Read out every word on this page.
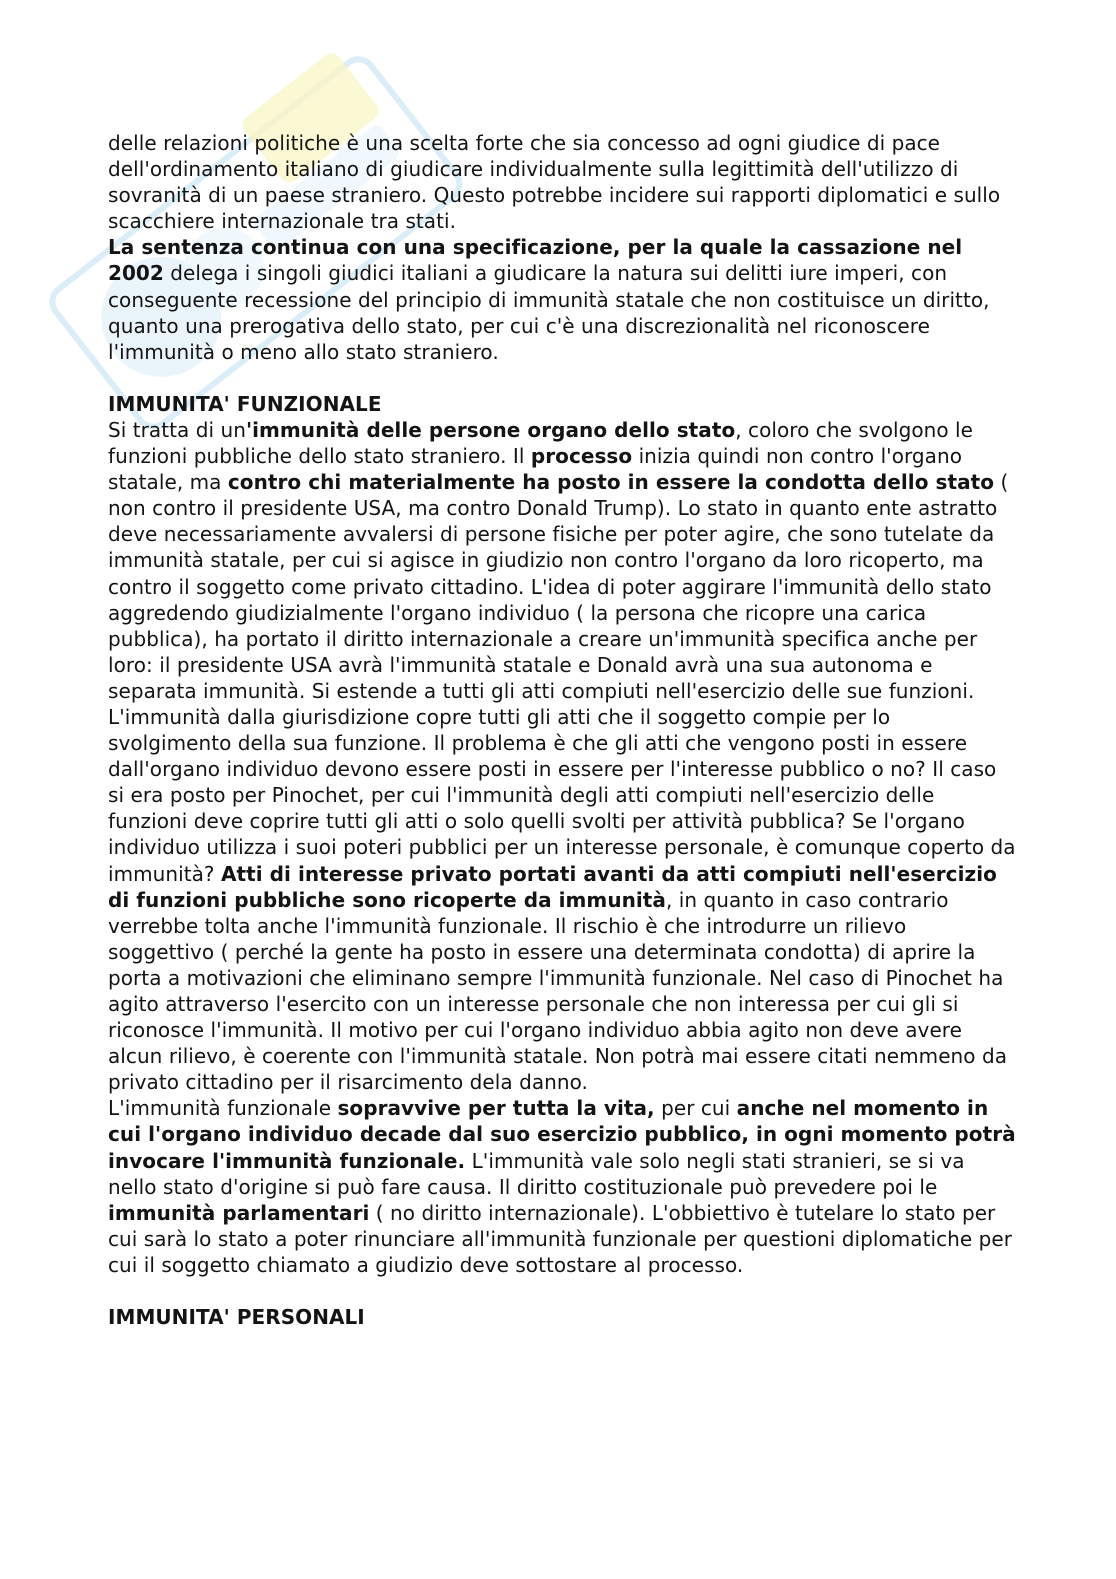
delle relazioni politiche è una scelta forte che sia concesso ad ogni giudice di pace dell'ordinamento italiano di giudicare individualmente sulla legittimità dell'utilizzo di sovranità di un paese straniero. Questo potrebbe incidere sui rapporti diplomatici e sullo scacchiere internazionale tra stati.

La sentenza continua con una specificazione, per la quale la cassazione nel 2002 delega i singoli giudici italiani a giudicare la natura sui delitti iure imperi, con conseguente recessione del principio di immunità statale che non costituisce un diritto, quanto una prerogativa dello stato, per cui c'è una discrezionalità nel riconoscere l'immunità o meno allo stato straniero.

IMMUNITA' FUNZIONALE

Si tratta di un'immunità delle persone organo dello stato, coloro che svolgono le funzioni pubbliche dello stato straniero. Il processo inizia quindi non contro l'organo statale, ma contro chi materialmente ha posto in essere la condotta dello stato ( non contro il presidente USA, ma contro Donald Trump). Lo stato in quanto ente astratto deve necessariamente avvalersi di persone fisiche per poter agire, che sono tutelate da immunità statale, per cui si agisce in giudizio non contro l'organo da loro ricoperto, ma contro il soggetto come privato cittadino. L'idea di poter aggirare l'immunità dello stato aggredendo giudizialmente l'organo individuo ( la persona che ricopre una carica pubblica), ha portato il diritto internazionale a creare un'immunità specifica anche per loro: il presidente USA avrà l'immunità statale e Donald avrà una sua autonoma e separata immunità. Si estende a tutti gli atti compiuti nell'esercizio delle sue funzioni.

L'immunità dalla giurisdizione copre tutti gli atti che il soggetto compie per lo svolgimento della sua funzione. Il problema è che gli atti che vengono posti in essere dall'organo individuo devono essere posti in essere per l'interesse pubblico o no? Il caso si era posto per Pinochet, per cui l'immunità degli atti compiuti nell'esercizio delle funzioni deve coprire tutti gli atti o solo quelli svolti per attività pubblica? Se l'organo individuo utilizza i suoi poteri pubblici per un interesse personale, è comunque coperto da immunità? Atti di interesse privato portati avanti da atti compiuti nell'esercizio di funzioni pubbliche sono ricoperte da immunità, in quanto in caso contrario verrebbe tolta anche l'immunità funzionale. Il rischio è che introdurre un rilievo soggettivo ( perché la gente ha posto in essere una determinata condotta) di aprire la porta a motivazioni che eliminano sempre l'immunità funzionale. Nel caso di Pinochet ha agito attraverso l'esercito con un interesse personale che non interessa per cui gli si riconosce l'immunità. Il motivo per cui l'organo individuo abbia agito non deve avere alcun rilievo, è coerente con l'immunità statale. Non potrà mai essere citati nemmeno da privato cittadino per il risarcimento dela danno.

L'immunità funzionale sopravvive per tutta la vita, per cui anche nel momento in cui l'organo individuo decade dal suo esercizio pubblico, in ogni momento potrà invocare l'immunità funzionale. L'immunità vale solo negli stati stranieri, se si va nello stato d'origine si può fare causa. Il diritto costituzionale può prevedere poi le immunità parlamentari ( no diritto internazionale). L'obbiettivo è tutelare lo stato per cui sarà lo stato a poter rinunciare all'immunità funzionale per questioni diplomatiche per cui il soggetto chiamato a giudizio deve sottostare al processo.

IMMUNITA' PERSONALI
